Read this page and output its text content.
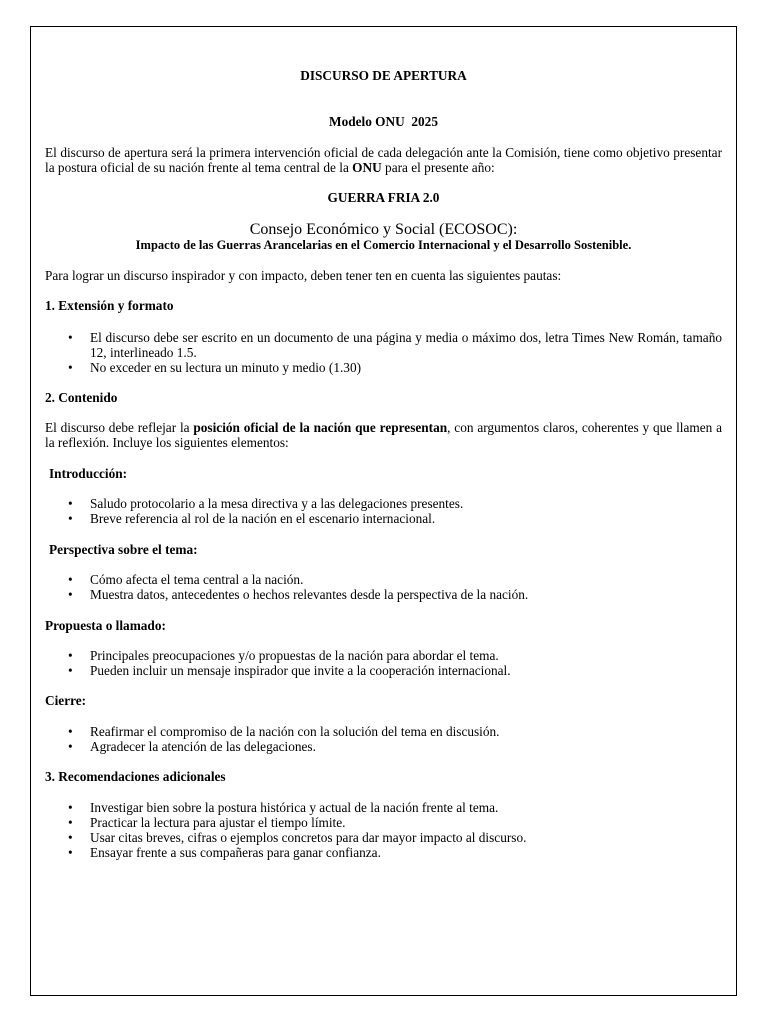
DISCURSO DE APERTURA
Modelo ONU  2025

El discurso de apertura será la primera intervención oficial de cada delegación ante la Comisión, tiene como objetivo presentar la postura oficial de su nación frente al tema central de la ONU para el presente año:

GUERRA FRIA 2.0
Consejo Económico y Social (ECOSOC):
Impacto de las Guerras Arancelarias en el Comercio Internacional y el Desarrollo Sostenible.

Para lograr un discurso inspirador y con impacto, deben tener ten en cuenta las siguientes pautas:

1. Extensión y formato
• El discurso debe ser escrito en un documento de una página y media o máximo dos, letra Times New Román, tamaño 12, interlineado 1.5.
• No exceder en su lectura un minuto y medio (1.30)
2. Contenido

El discurso debe reflejar la posición oficial de la nación que representan, con argumentos claros, coherentes y que llamen a la reflexión. Incluye los siguientes elementos:

Introducción:
• Saludo protocolario a la mesa directiva y a las delegaciones presentes.
• Breve referencia al rol de la nación en el escenario internacional.
Perspectiva sobre el tema:
• Cómo afecta el tema central a la nación.
• Muestra datos, antecedentes o hechos relevantes desde la perspectiva de la nación.
Propuesta o llamado:
• Principales preocupaciones y/o propuestas de la nación para abordar el tema.
• Pueden incluir un mensaje inspirador que invite a la cooperación internacional.
Cierre:
• Reafirmar el compromiso de la nación con la solución del tema en discusión.
• Agradecer la atención de las delegaciones.
3. Recomendaciones adicionales
• Investigar bien sobre la postura histórica y actual de la nación frente al tema.
• Practicar la lectura para ajustar el tiempo límite.
• Usar citas breves, cifras o ejemplos concretos para dar mayor impacto al discurso.
• Ensayar frente a sus compañeras para ganar confianza.
